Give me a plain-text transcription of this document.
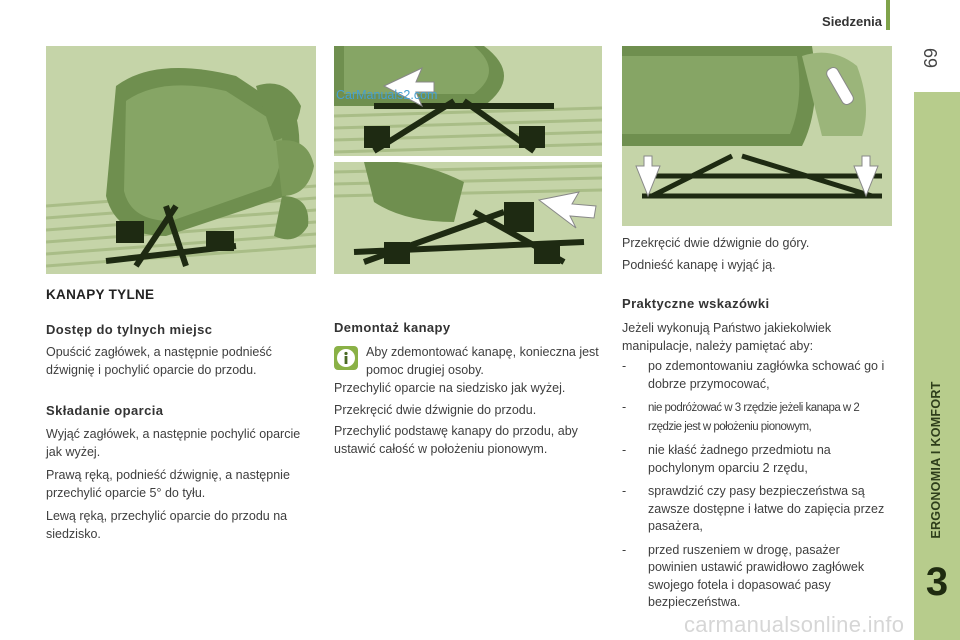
Siedzenia
69
ERGONOMIA I KOMFORT
3
CarManuals2.com
carmanualsonline.info
KANAPY TYLNE
Dostęp do tylnych miejsc
Opuścić zagłówek, a następnie podnieść dźwignię i pochylić oparcie do przodu.
Składanie oparcia
Wyjąć zagłówek, a następnie pochylić oparcie jak wyżej.
Prawą ręką, podnieść dźwignię, a następnie przechylić oparcie 5° do tyłu.
Lewą ręką, przechylić oparcie do przodu na siedzisko.
Demontaż kanapy
Aby zdemontować kanapę, konieczna jest pomoc drugiej osoby.
Przechylić oparcie na siedzisko jak wyżej.
Przekręcić dwie dźwignie do przodu.
Przechylić podstawę kanapy do przodu, aby ustawić całość w położeniu pionowym.
Przekręcić dwie dźwignie do góry.
Podnieść kanapę i wyjąć ją.
Praktyczne wskazówki
Jeżeli wykonują Państwo jakiekolwiek manipulacje, należy pamiętać aby:
- po zdemontowaniu zagłówka schować go i dobrze przymocować,
- nie podróżować w 3 rzędzie jeżeli kanapa w 2 rzędzie jest w położeniu pionowym,
- nie kłaść żadnego przedmiotu na pochylonym oparciu 2 rzędu,
- sprawdzić czy pasy bezpieczeństwa są zawsze dostępne i łatwe do zapięcia przez pasażera,
- przed ruszeniem w drogę, pasażer powinien ustawić prawidłowo zagłówek swojego fotela i dopasować pasy bezpieczeństwa.
